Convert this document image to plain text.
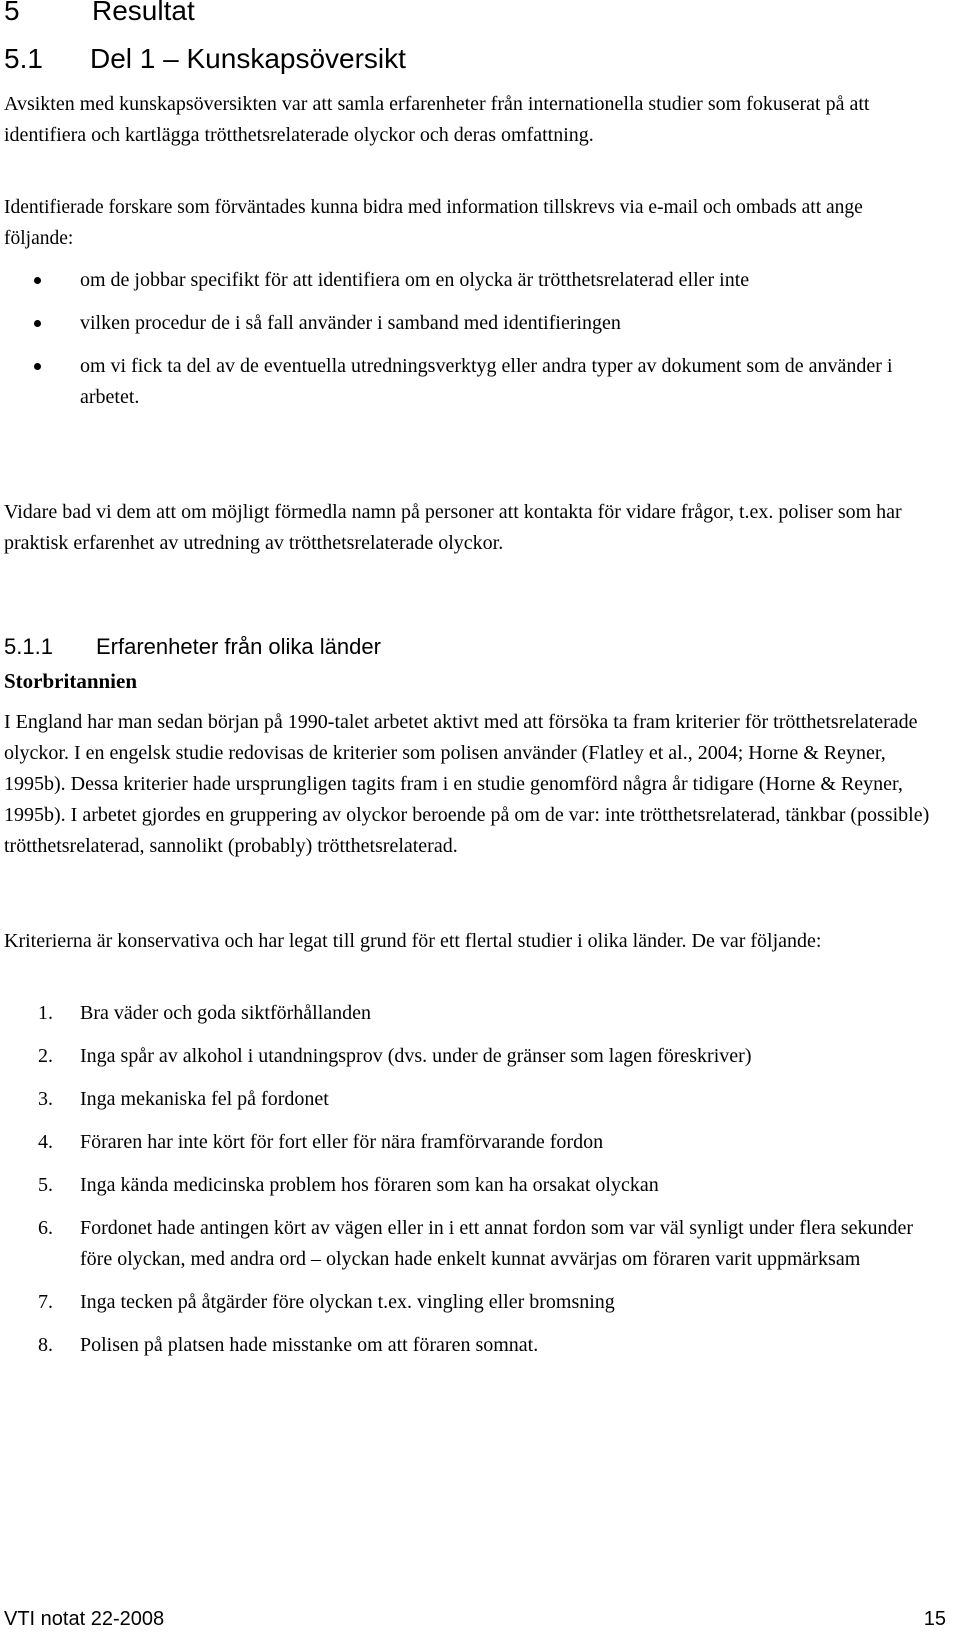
5	Resultat
5.1 Del 1 – Kunskapsöversikt

Avsikten med kunskapsöversikten var att samla erfarenheter från internationella studier som fokuserat på att identifiera och kartlägga trötthetsrelaterade olyckor och deras omfattning.

Identifierade forskare som förväntades kunna bidra med information tillskrevs via e-mail och ombads att ange följande:

om de jobbar specifikt för att identifiera om en olycka är trötthetsrelaterad eller inte
vilken procedur de i så fall använder i samband med identifieringen
om vi fick ta del av de eventuella utredningsverktyg eller andra typer av dokument som de använder i arbetet.

Vidare bad vi dem att om möjligt förmedla namn på personer att kontakta för vidare frågor, t.ex. poliser som har praktisk erfarenhet av utredning av trötthetsrelaterade olyckor.

5.1.1 Erfarenheter från olika länder
Storbritannien

I England har man sedan början på 1990-talet arbetet aktivt med att försöka ta fram kriterier för trötthetsrelaterade olyckor. I en engelsk studie redovisas de kriterier som polisen använder (Flatley et al., 2004; Horne & Reyner, 1995b). Dessa kriterier hade ursprungligen tagits fram i en studie genomförd några år tidigare (Horne & Reyner, 1995b). I arbetet gjordes en gruppering av olyckor beroende på om de var: inte trötthetsrelaterad, tänkbar (possible) trötthetsrelaterad, sannolikt (probably) trötthetsrelaterad.

Kriterierna är konservativa och har legat till grund för ett flertal studier i olika länder. De var följande:

1. Bra väder och goda siktförhållanden
2. Inga spår av alkohol i utandningsprov (dvs. under de gränser som lagen föreskriver)
3. Inga mekaniska fel på fordonet
4. Föraren har inte kört för fort eller för nära framförvarande fordon
5. Inga kända medicinska problem hos föraren som kan ha orsakat olyckan
6. Fordonet hade antingen kört av vägen eller in i ett annat fordon som var väl synligt under flera sekunder före olyckan, med andra ord – olyckan hade enkelt kunnat avvärjas om föraren varit uppmärksam
7. Inga tecken på åtgärder före olyckan t.ex. vingling eller bromsning
8. Polisen på platsen hade misstanke om att föraren somnat.
VTI notat 22-2008	15
